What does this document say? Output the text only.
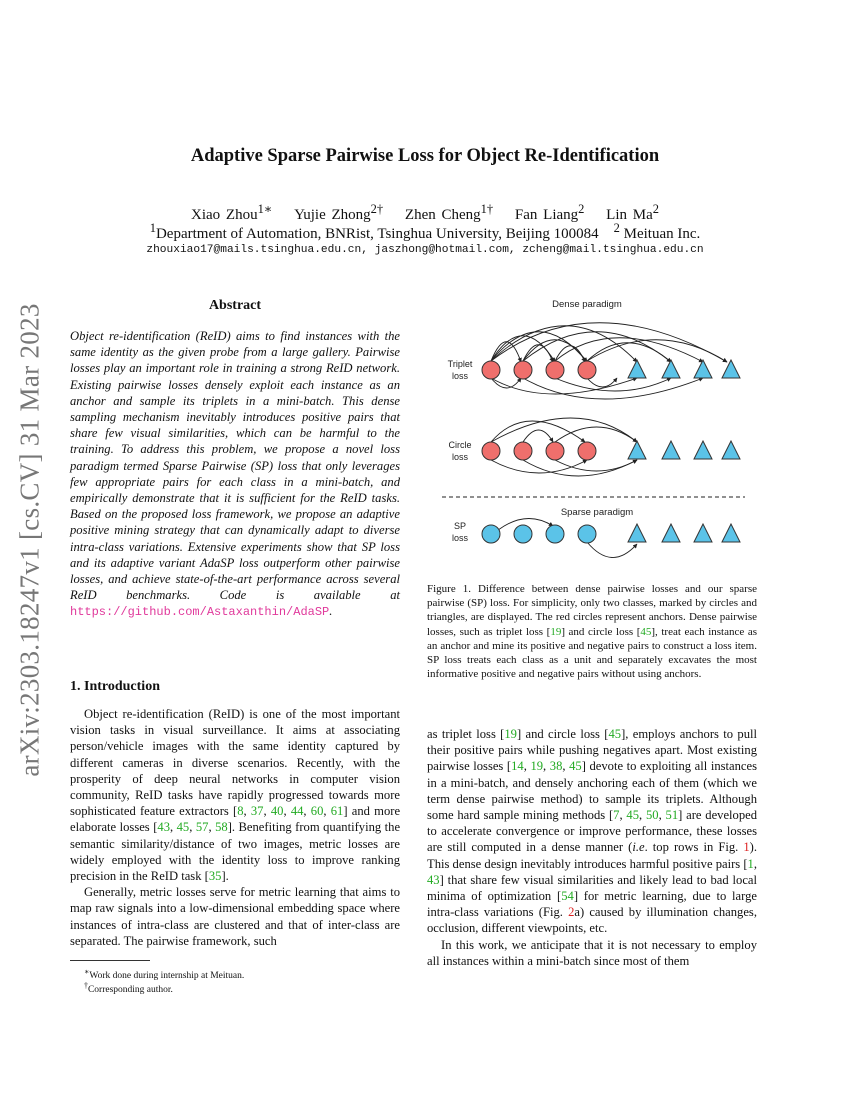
arXiv:2303.18247v1 [cs.CV] 31 Mar 2023
Adaptive Sparse Pairwise Loss for Object Re-Identification
Xiao Zhou$^{1∗}$ Yujie Zhong$^{2\dagger}$ Zhen Cheng$^{1\dagger}$ Fan Liang$^2$ Lin Ma$^2$
$^1$Department of Automation, BNRist, Tsinghua University, Beijing 100084 $^2$ Meituan Inc.
zhouxiao17@mails.tsinghua.edu.cn, jaszhong@hotmail.com, zcheng@mail.tsinghua.edu.cn
Abstract
Object re-identification (ReID) aims to find instances with the same identity as the given probe from a large gallery. Pairwise losses play an important role in training a strong ReID network. Existing pairwise losses densely exploit each instance as an anchor and sample its triplets in a mini-batch. This dense sampling mechanism inevitably introduces positive pairs that share few visual similarities, which can be harmful to the training. To address this problem, we propose a novel loss paradigm termed Sparse Pairwise (SP) loss that only leverages few appropriate pairs for each class in a mini-batch, and empirically demonstrate that it is sufficient for the ReID tasks. Based on the proposed loss framework, we propose an adaptive positive mining strategy that can dynamically adapt to diverse intra-class variations. Extensive experiments show that SP loss and its adaptive variant AdaSP loss outperform other pairwise losses, and achieve state-of-the-art performance across several ReID benchmarks. Code is available at https://github.com/Astaxanthin/AdaSP.
1. Introduction

Object re-identification (ReID) is one of the most important vision tasks in visual surveillance. It aims at associating person/vehicle images with the same identity captured by different cameras in diverse scenarios. Recently, with the prosperity of deep neural networks in computer vision community, ReID tasks have rapidly progressed towards more sophisticated feature extractors [8, 37, 40, 44, 60, 61] and more elaborate losses [43, 45, 57, 58]. Benefiting from quantifying the semantic similarity/distance of two images, metric losses are widely employed with the identity loss to improve ranking precision in the ReID task [35].

Generally, metric losses serve for metric learning that aims to map raw signals into a low-dimensional embedding space where instances of intra-class are clustered and that of inter-class are separated. The pairwise framework, such

∗Work done during internship at Meituan.
†Corresponding author.
Dense paradigm
Sparse paradigm
Triplet
loss
Circle
loss
SP
loss
Figure 1. Difference between dense pairwise losses and our sparse pairwise (SP) loss. For simplicity, only two classes, marked by circles and triangles, are displayed. The red circles represent anchors. Dense pairwise losses, such as triplet loss [19] and circle loss [45], treat each instance as an anchor and mine its positive and negative pairs to construct a loss item. SP loss treats each class as a unit and separately excavates the most informative positive and negative pairs without using anchors.

as triplet loss [19] and circle loss [45], employs anchors to pull their positive pairs while pushing negatives apart. Most existing pairwise losses [14, 19, 38, 45] devote to exploiting all instances in a mini-batch, and densely anchoring each of them (which we term dense pairwise method) to sample its triplets. Although some hard sample mining methods [7, 45, 50, 51] are developed to accelerate convergence or improve performance, these losses are still computed in a dense manner (i.e. top rows in Fig. 1). This dense design inevitably introduces harmful positive pairs [1, 43] that share few visual similarities and likely lead to bad local minima of optimization [54] for metric learning, due to large intra-class variations (Fig. 2a) caused by illumination changes, occlusion, different viewpoints, etc.

In this work, we anticipate that it is not necessary to employ all instances within a mini-batch since most of them
